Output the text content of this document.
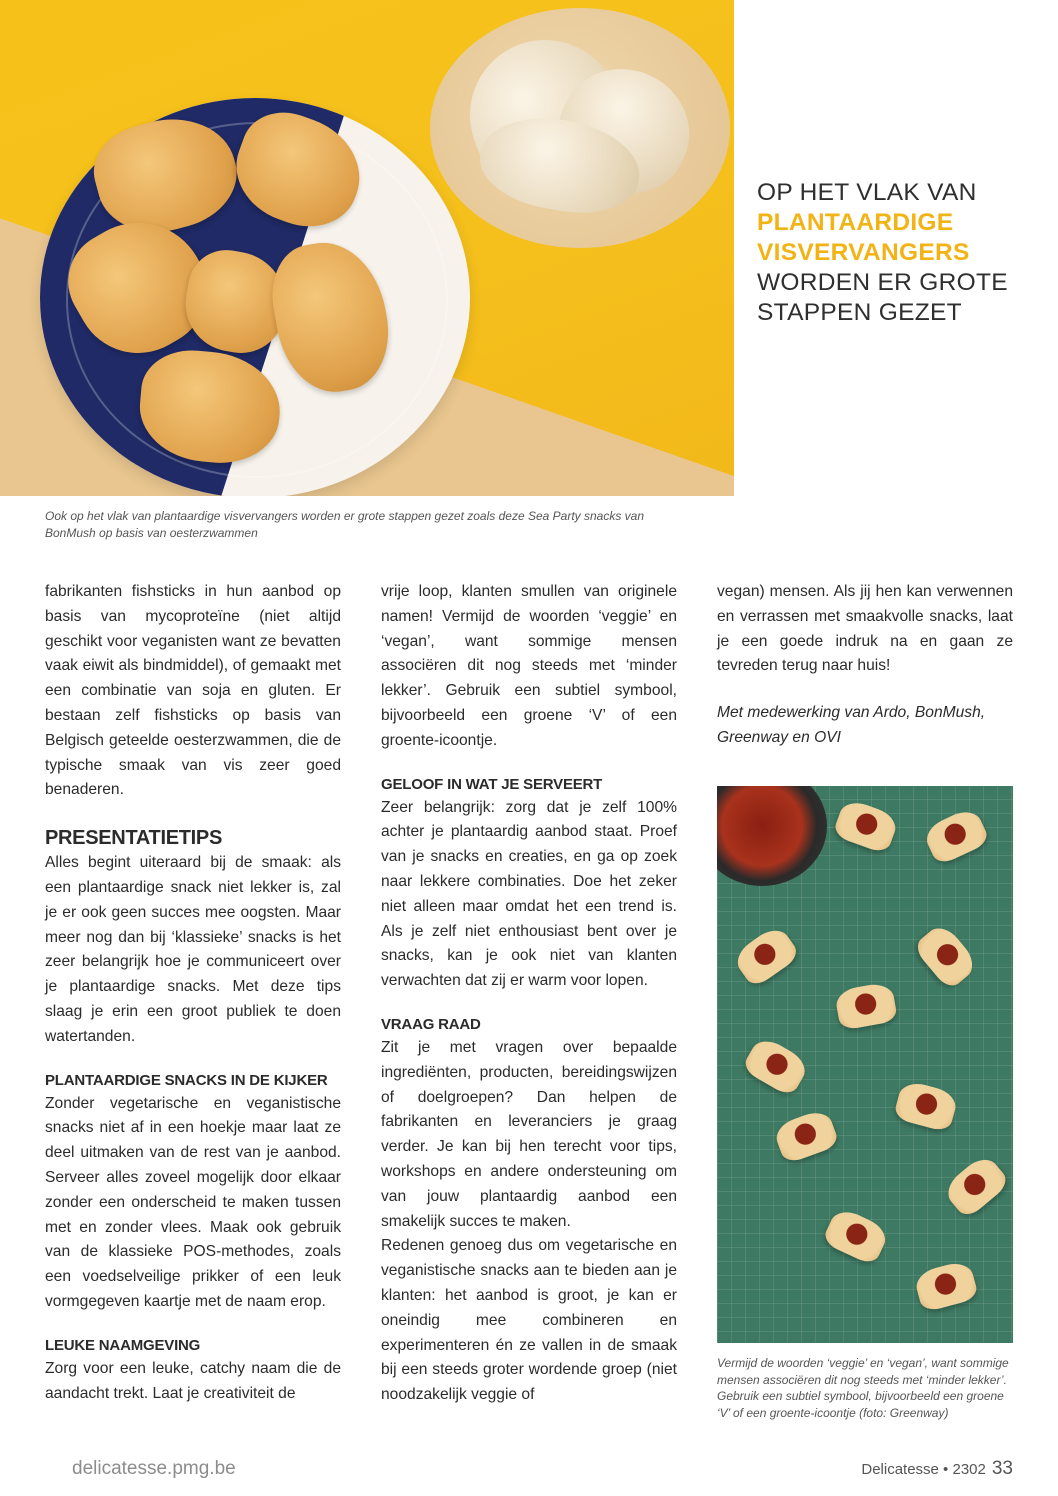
OP HET VLAK VAN
PLANTAARDIGE
VISVERVANGERS
WORDEN ER GROTE
STAPPEN GEZET
Ook op het vlak van plantaardige visvervangers worden er grote stappen gezet zoals deze Sea Party snacks van BonMush op basis van oesterzwammen

fabrikanten fishsticks in hun aanbod op basis van mycoproteïne (niet altijd geschikt voor veganisten want ze bevatten vaak eiwit als bindmiddel), of gemaakt met een combinatie van soja en gluten. Er bestaan zelf fishsticks op basis van Belgisch geteelde oesterzwammen, die de typische smaak van vis zeer goed benaderen.

PRESENTATIETIPS

Alles begint uiteraard bij de smaak: als een plantaardige snack niet lekker is, zal je er ook geen succes mee oogsten. Maar meer nog dan bij ‘klassieke’ snacks is het zeer belangrijk hoe je communiceert over je plantaardige snacks. Met deze tips slaag je erin een groot publiek te doen watertanden.

PLANTAARDIGE SNACKS IN DE KIJKER

Zonder vegetarische en veganistische snacks niet af in een hoekje maar laat ze deel uitmaken van de rest van je aanbod. Serveer alles zoveel mogelijk door elkaar zonder een onderscheid te maken tussen met en zonder vlees. Maak ook gebruik van de klassieke POS-methodes, zoals een voedselveilige prikker of een leuk vormgegeven kaartje met de naam erop.

LEUKE NAAMGEVING

Zorg voor een leuke, catchy naam die de aandacht trekt. Laat je creativiteit de

vrije loop, klanten smullen van originele namen! Vermijd de woorden ‘veggie’ en ‘vegan’, want sommige mensen associëren dit nog steeds met ‘minder lekker’. Gebruik een subtiel symbool, bijvoorbeeld een groene ‘V’ of een groente-icoontje.

GELOOF IN WAT JE SERVEERT

Zeer belangrijk: zorg dat je zelf 100% achter je plantaardig aanbod staat. Proef van je snacks en creaties, en ga op zoek naar lekkere combinaties. Doe het zeker niet alleen maar omdat het een trend is. Als je zelf niet enthousiast bent over je snacks, kan je ook niet van klanten verwachten dat zij er warm voor lopen.

VRAAG RAAD

Zit je met vragen over bepaalde ingrediënten, producten, bereidingswijzen of doelgroepen? Dan helpen de fabrikanten en leveranciers je graag verder. Je kan bij hen terecht voor tips, workshops en andere ondersteuning om van jouw plantaardig aanbod een smakelijk succes te maken.

Redenen genoeg dus om vegetarische en veganistische snacks aan te bieden aan je klanten: het aanbod is groot, je kan er oneindig mee combineren en experimenteren én ze vallen in de smaak bij een steeds groter wordende groep (niet noodzakelijk veggie of

vegan) mensen. Als jij hen kan verwennen en verrassen met smaakvolle snacks, laat je een goede indruk na en gaan ze tevreden terug naar huis!

Met medewerking van Ardo, BonMush, Greenway en OVI

Vermijd de woorden ‘veggie’ en ‘vegan’, want sommige mensen associëren dit nog steeds met ‘minder lekker’. Gebruik een subtiel symbool, bijvoorbeeld een groene ‘V’ of een groente-icoontje (foto: Greenway)
delicatesse.pmg.be	Delicatesse • 2302 33
